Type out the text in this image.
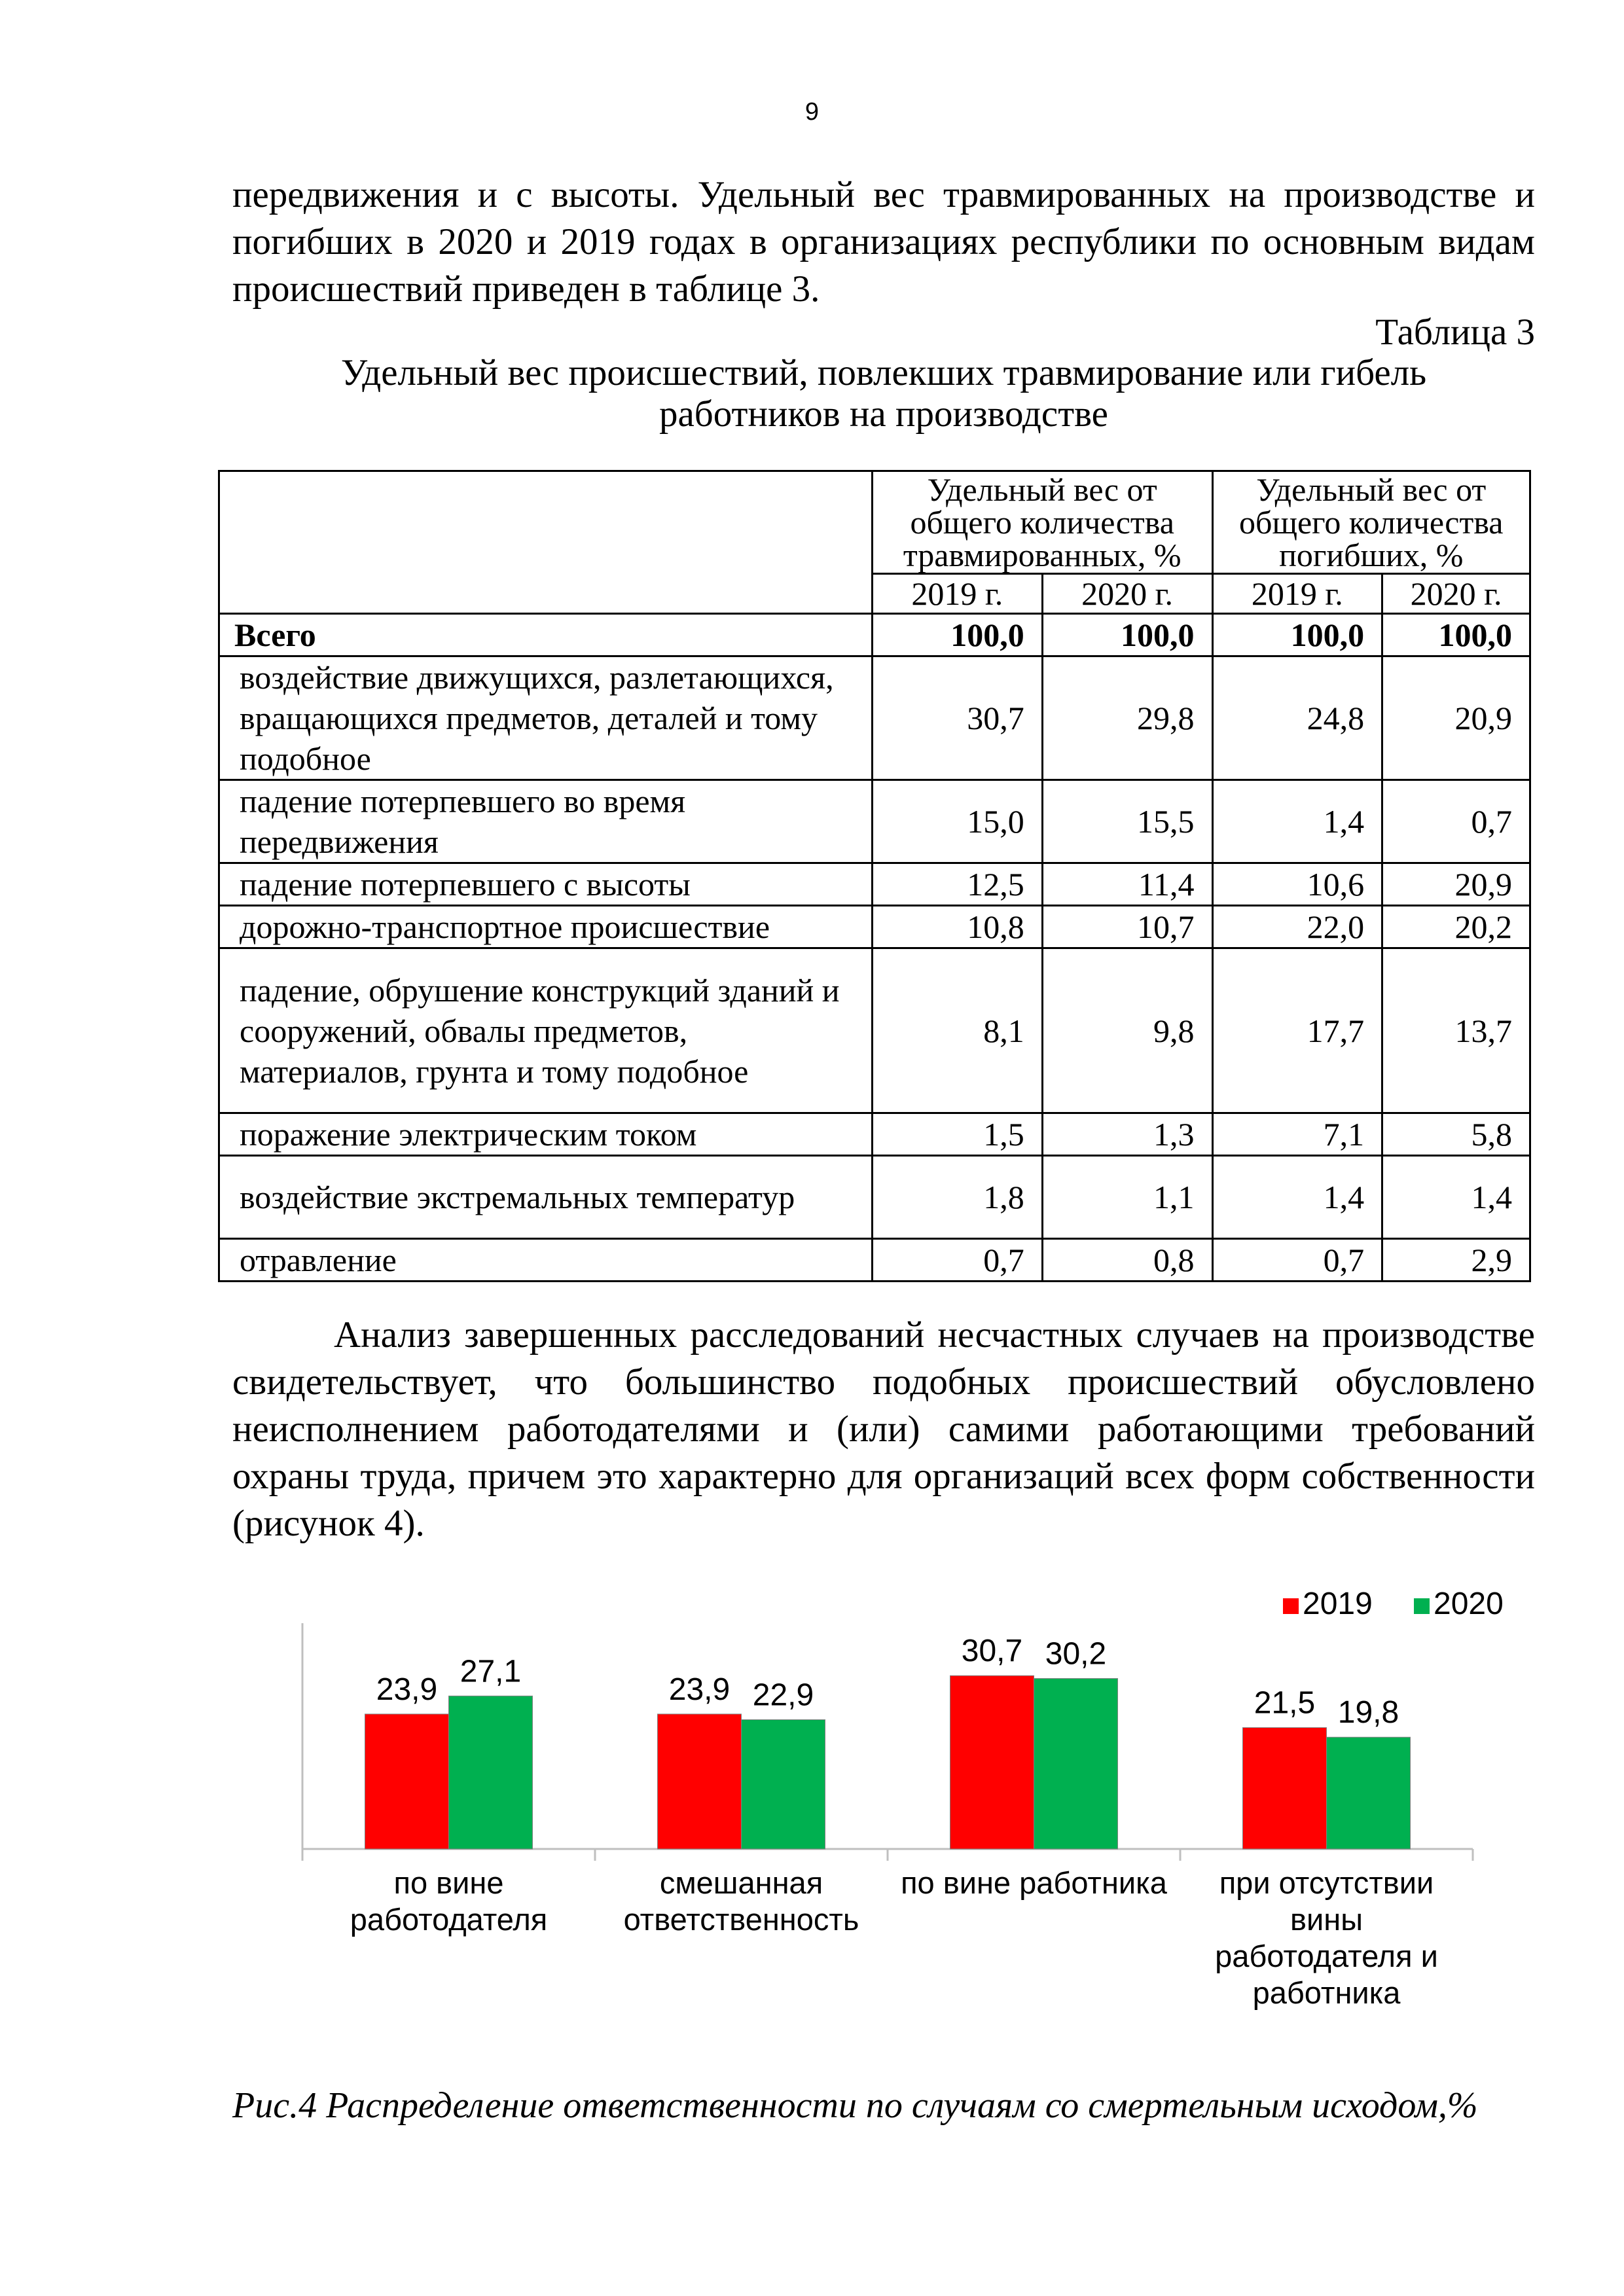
9

передвижения и с высоты. Удельный вес травмированных на производстве и погибших в 2020 и 2019 годах в организациях республики по основным видам происшествий приведен в таблице 3.

Таблица 3
Удельный вес происшествий, повлекших травмирование или гибель
работников на производстве
	Удельный вес от общего количества травмированных, %		Удельный вес от общего количества погибших, %	
	2019 г.	2020 г.	2019 г.	2020 г.
Всего	100,0	100,0	100,0	100,0
воздействие движущихся, разлетающихся, вращающихся предметов, деталей и тому подобное	30,7	29,8	24,8	20,9
падение потерпевшего во время передвижения	15,0	15,5	1,4	0,7
падение потерпевшего с высоты	12,5	11,4	10,6	20,9
дорожно-транспортное происшествие	10,8	10,7	22,0	20,2
падение, обрушение конструкций зданий и сооружений, обвалы предметов, материалов, грунта и тому подобное	8,1	9,8	17,7	13,7
поражение электрическим током	1,5	1,3	7,1	5,8
воздействие экстремальных температур	1,8	1,1	1,4	1,4
отравление	0,7	0,8	0,7	2,9

Анализ завершенных расследований несчастных случаев на производстве свидетельствует, что большинство подобных происшествий обусловлено неисполнением работодателями и (или) самими работающими требований охраны труда, причем это характерно для организаций всех форм собственности (рисунок 4).

23,9
27,1
по вине
работодателя
23,9 22,9
смешанная
ответственность
30,7 30,2
по вине работника
21,5 19,8
при отсутствии
вины
работодателя и
работника
2019 2020
Рис.4 Распределение ответственности по случаям со смертельным исходом,%
